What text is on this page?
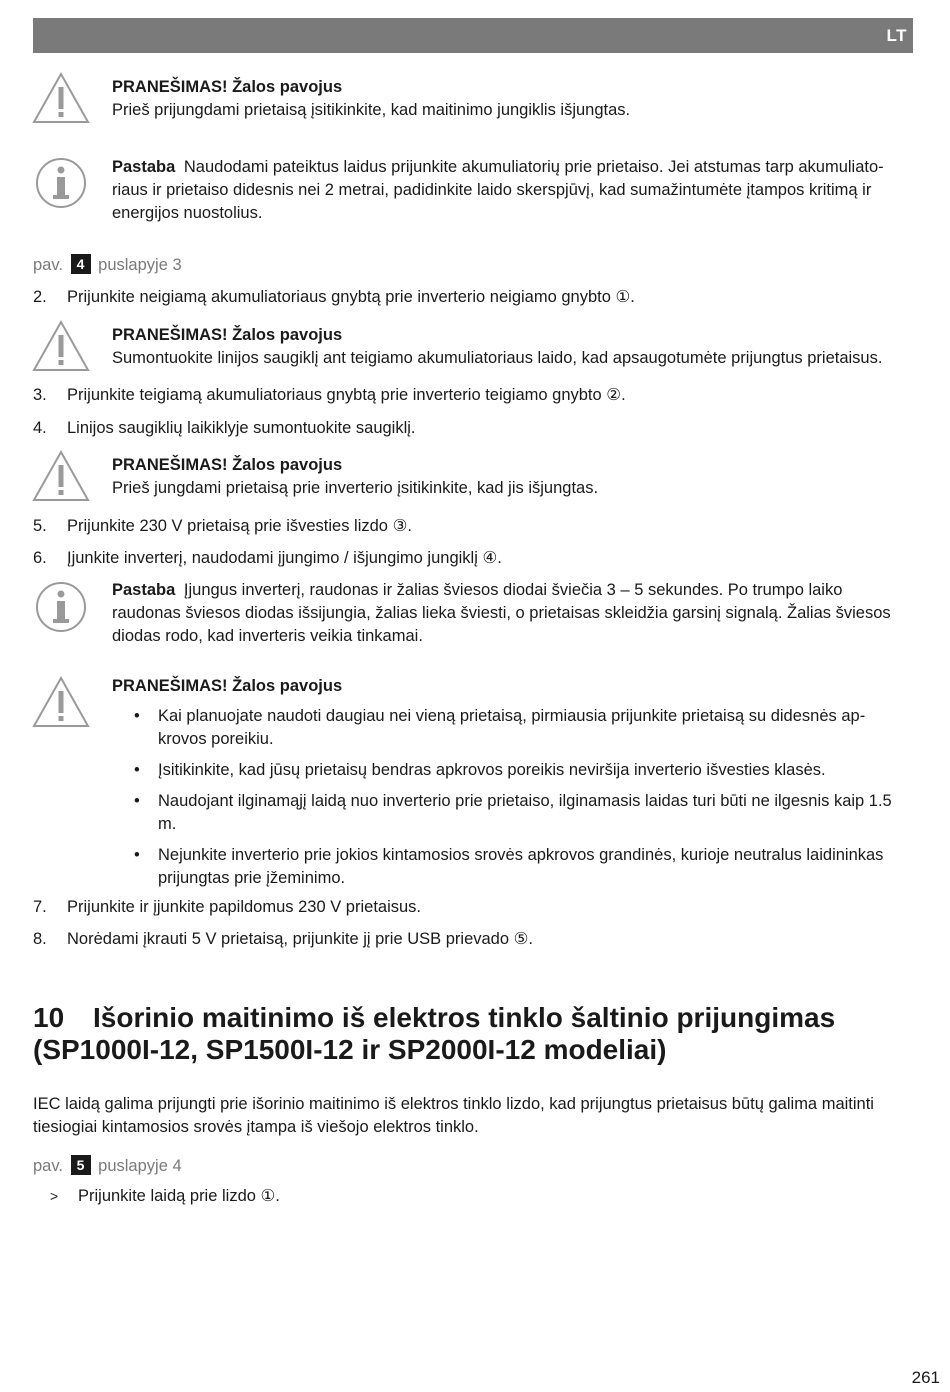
LT
PRANEŠIMAS! Žalos pavojus
Prieš prijungdami prietaisą įsitikinkite, kad maitinimo jungiklis išjungtas.
Pastaba Naudodami pateiktus laidus prijunkite akumuliatorių prie prietaiso. Jei atstumas tarp akumuliato-riaus ir prietaiso didesnis nei 2 metrai, padidinkite laido skerspjūvį, kad sumažintumėte įtampos kritimą ir energijos nuostolius.
pav. 4 puslapyje 3
2. Prijunkite neigiamą akumuliatoriaus gnybtą prie inverterio neigiamo gnybto ①.
PRANEŠIMAS! Žalos pavojus
Sumontuokite linijos saugiklį ant teigiamo akumuliatoriaus laido, kad apsaugotumėte prijungtus prietaisus.
3. Prijunkite teigiamą akumuliatoriaus gnybtą prie inverterio teigiamo gnybto ②.
4. Linijos saugiklių laikiklyje sumontuokite saugiklį.
PRANEŠIMAS! Žalos pavojus
Prieš jungdami prietaisą prie inverterio įsitikinkite, kad jis išjungtas.
5. Prijunkite 230 V prietaisą prie išvesties lizdo ③.
6. Įjunkite inverterį, naudodami įjungimo / išjungimo jungiklį ④.
Pastaba Įjungus inverterį, raudonas ir žalias šviesos diodai šviečia 3 – 5 sekundes. Po trumpo laiko raudonas šviesos diodas išsijungia, žalias lieka šviesti, o prietaisas skleidžia garsinį signalą. Žalias šviesos diodas rodo, kad inverteris veikia tinkamai.
PRANEŠIMAS! Žalos pavojus
• Kai planuojate naudoti daugiau nei vieną prietaisą, pirmiausia prijunkite prietaisą su didesnės ap-krovos poreikiu.
• Įsitikinkite, kad jūsų prietaisų bendras apkrovos poreikis neviršija inverterio išvesties klasės.
• Naudojant ilginamąjį laidą nuo inverterio prie prietaiso, ilginamasis laidas turi būti ne ilgesnis kaip 1.5 m.
• Nejunkite inverterio prie jokios kintamosios srovės apkrovos grandinės, kurioje neutralus laidininkas prijungtas prie įžeminimo.
7. Prijunkite ir įjunkite papildomus 230 V prietaisus.
8. Norėdami įkrauti 5 V prietaisą, prijunkite jį prie USB prievado ⑤.
10 Išorinio maitinimo iš elektros tinklo šaltinio prijungimas (SP1000I-12, SP1500I-12 ir SP2000I-12 modeliai)
IEC laidą galima prijungti prie išorinio maitinimo iš elektros tinklo lizdo, kad prijungtus prietaisus būtų galima maitinti tiesiogiai kintamosios srovės įtampa iš viešojo elektros tinklo.
pav. 5 puslapyje 4
> Prijunkite laidą prie lizdo ①.
261
